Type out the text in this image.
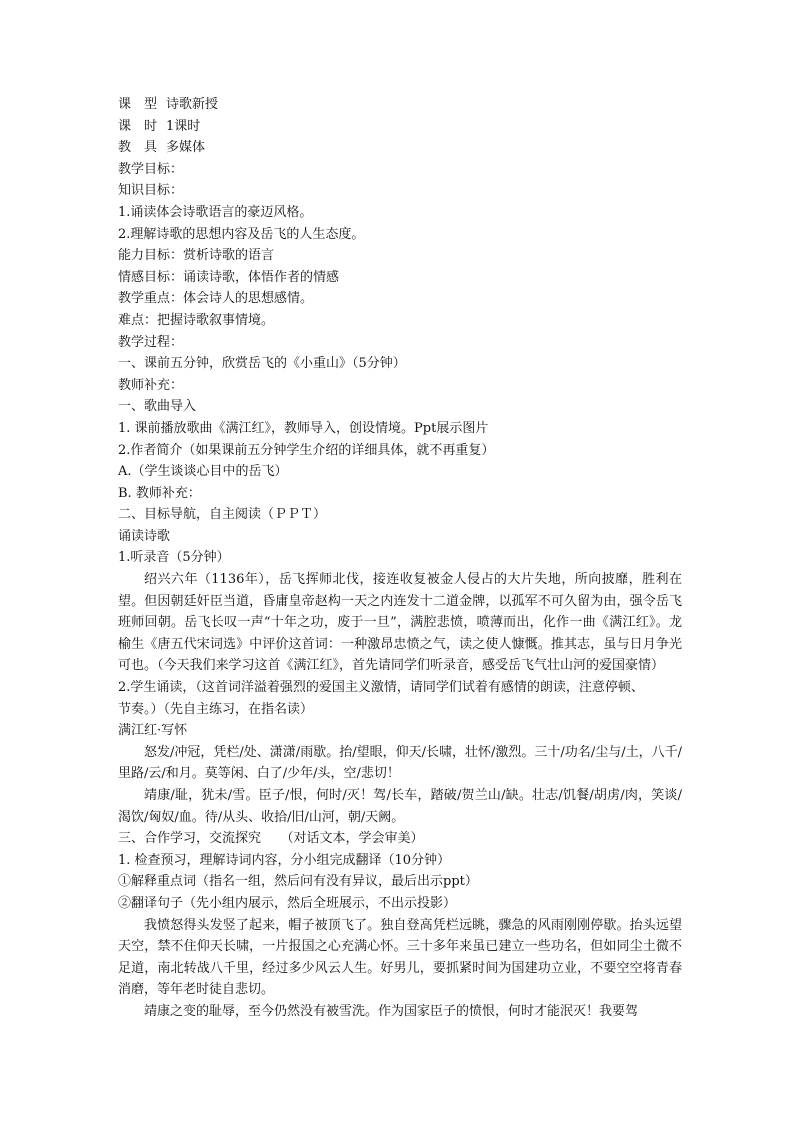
课　型 诗歌新授
课　时 1课时
教　具 多媒体

教学目标：

知识目标：

1.诵读体会诗歌语言的豪迈风格。

2.理解诗歌的思想内容及岳飞的人生态度。

能力目标：赏析诗歌的语言

情感目标：诵读诗歌，体悟作者的情感

教学重点：体会诗人的思想感情。

难点：把握诗歌叙事情境。

教学过程：

一、课前五分钟，欣赏岳飞的《小重山》（5分钟）

教师补充：

一、歌曲导入

1. 课前播放歌曲《满江红》，教师导入，创设情境。Ppt展示图片

2.作者简介（如果课前五分钟学生介绍的详细具体，就不再重复）

A.（学生谈谈心目中的岳飞）

B. 教师补充：

二、目标导航，自主阅读（ＰＰＴ）

诵读诗歌

1.听录音（5分钟）

绍兴六年（1136年），岳飞挥师北伐，接连收复被金人侵占的大片失地，所向披靡，胜利在望。但因朝廷奸臣当道，昏庸皇帝赵构一天之内连发十二道金牌，以孤军不可久留为由，强令岳飞班师回朝。岳飞长叹一声“十年之功，废于一旦”，满腔悲愤，喷薄而出，化作一曲《满江红》。龙榆生《唐五代宋词选》中评价这首词：一种激昂忠愤之气，读之使人慷慨。推其志，虽与日月争光可也。（今天我们来学习这首《满江红》，首先请同学们听录音，感受岳飞气壮山河的爱国豪情）

2.学生诵读，（这首词洋溢着强烈的爱国主义激情，请同学们试着有感情的朗读，注意停顿、

节奏。）（先自主练习，在指名读）

满江红·写怀

怒发/冲冠，凭栏/处、潇潇/雨歇。抬/望眼，仰天/长啸，壮怀/激烈。三十/功名/尘与/土，八千/里路/云/和月。莫等闲、白了/少年/头，空/悲切！

靖康/耻，犹未/雪。臣子/恨，何时/灭！驾/长车，踏破/贺兰山/缺。壮志/饥餐/胡虏/肉，笑谈/渴饮/匈奴/血。待/从头、收拾/旧/山河，朝/天阙。

三、合作学习，交流探究　　（对话文本，学会审美）

1. 检查预习，理解诗词内容，分小组完成翻译（10分钟）

①解释重点词（指名一组，然后问有没有异议，最后出示ppt）

②翻译句子（先小组内展示，然后全班展示，不出示投影）

我愤怒得头发竖了起来，帽子被顶飞了。独自登高凭栏远眺，骤急的风雨刚刚停歇。抬头远望天空，禁不住仰天长啸，一片报国之心充满心怀。三十多年来虽已建立一些功名，但如同尘土微不足道，南北转战八千里，经过多少风云人生。好男儿，要抓紧时间为国建功立业，不要空空将青春消磨，等年老时徒自悲切。

靖康之变的耻辱，至今仍然没有被雪洗。作为国家臣子的愤恨，何时才能泯灭！我要驾
